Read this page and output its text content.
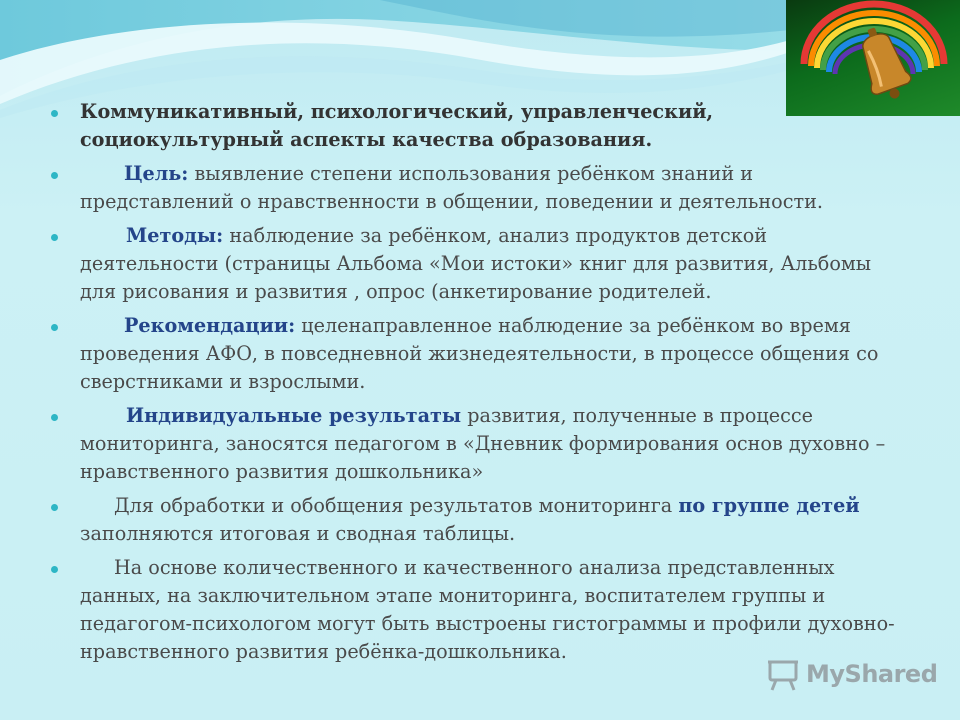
Коммуникативный, психологический, управленческий, социокультурный аспекты качества образования.
Цель: выявление степени использования ребёнком знаний и представлений о нравственности в общении, поведении и деятельности.
Методы: наблюдение за ребёнком, анализ продуктов детской деятельности (страницы Альбома «Мои истоки» книг для развития, Альбомы для рисования и развития , опрос (анкетирование родителей.
Рекомендации: целенаправленное наблюдение за ребёнком во время проведения АФО, в повседневной жизнедеятельности, в процессе общения со сверстниками и взрослыми.
Индивидуальные результаты развития, полученные в процессе мониторинга, заносятся педагогом в «Дневник формирования основ духовно – нравственного развития дошкольника»
Для обработки и обобщения результатов мониторинга по группе детей заполняются итоговая и сводная таблицы.
На основе количественного и качественного анализа представленных данных, на заключительном этапе мониторинга, воспитателем группы и педагогом-психологом могут быть выстроены гистограммы и профили духовно-нравственного развития ребёнка-дошкольника.
MyShared
